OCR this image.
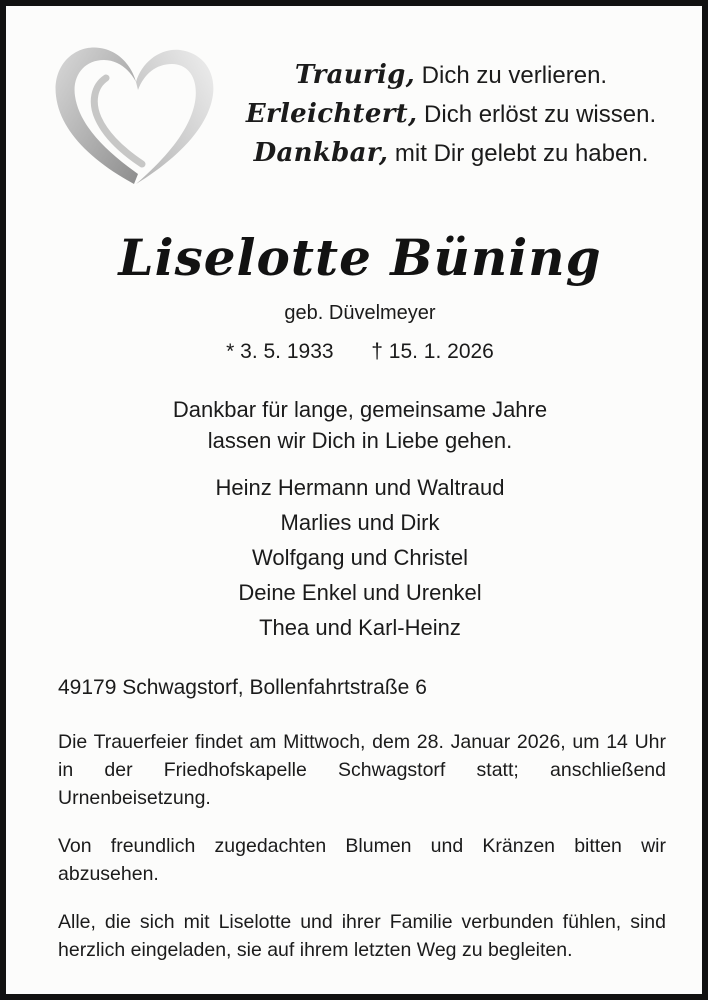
Traurig, Dich zu verlieren.
Erleichtert, Dich erlöst zu wissen.
Dankbar, mit Dir gelebt zu haben.
Liselotte Büning
geb. Düvelmeyer
* 3. 5. 1933 † 15. 1. 2026
Dankbar für lange, gemeinsame Jahre
lassen wir Dich in Liebe gehen.
Heinz Hermann und Waltraud
Marlies und Dirk
Wolfgang und Christel
Deine Enkel und Urenkel
Thea und Karl-Heinz
49179 Schwagstorf, Bollenfahrtstraße 6

Die Trauerfeier findet am Mittwoch, dem 28. Januar 2026, um 14 Uhr in der Friedhofskapelle Schwagstorf statt; anschließend Urnenbeisetzung.

Von freundlich zugedachten Blumen und Kränzen bitten wir abzusehen.

Alle, die sich mit Liselotte und ihrer Familie verbunden fühlen, sind herzlich eingeladen, sie auf ihrem letzten Weg zu begleiten.
